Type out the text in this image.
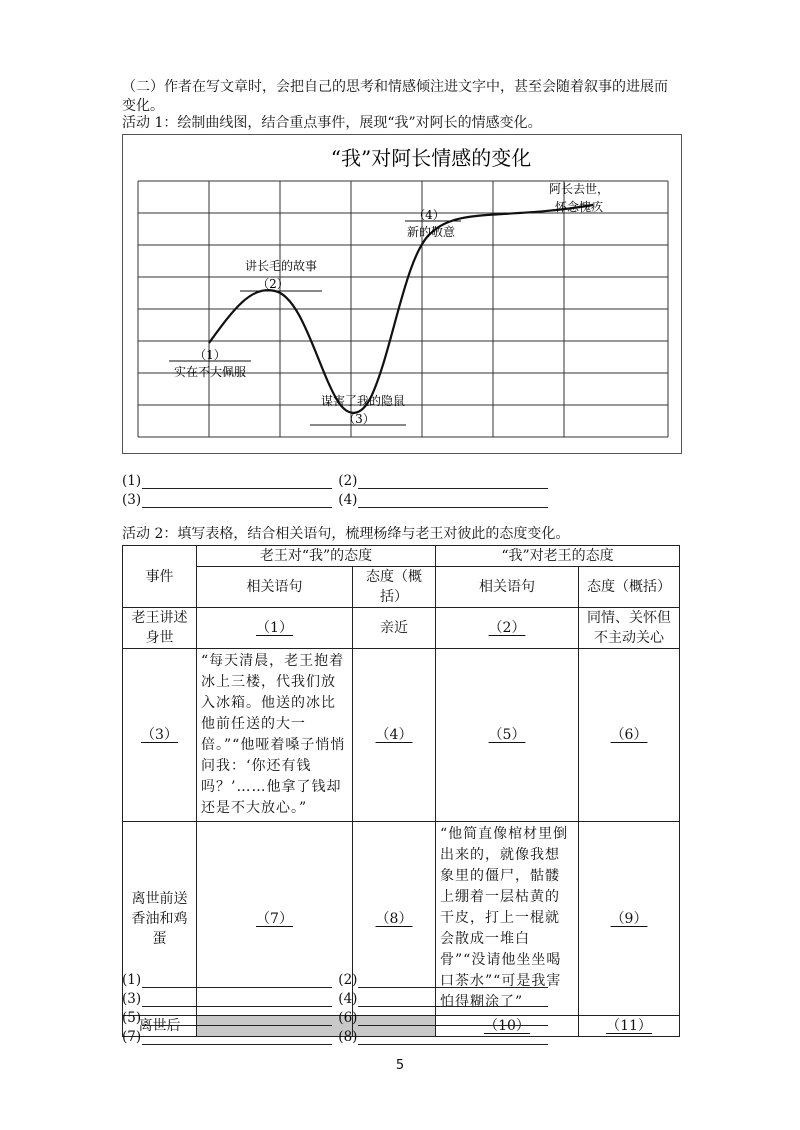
（二）作者在写文章时，会把自己的思考和情感倾注进文字中，甚至会随着叙事的进展而
变化。
活动 1：绘制曲线图，结合重点事件，展现“我”对阿长的情感变化。
“我”对阿长情感的变化
（1）
实在不大佩服
讲长毛的故事
（2）
谋害了我的隐鼠
（3）
（4）
新的敬意
阿长去世，
怀念愧疚
(1)	(2)
(3)	(4)
活动 2：填写表格，结合相关语句，梳理杨绛与老王对彼此的态度变化。
事件	老王对“我”的态度		“我”对老王的态度	
	相关语句	态度（概括）	相关语句	态度（概括）
老王讲述身世	（1）	亲近	（2）	同情、关怀但不主动关心
（3）	“每天清晨，老王抱着冰上三楼，代我们放入冰箱。他送的冰比他前任送的大一倍。”“他哑着嗓子悄悄问我：‘你还有钱吗？’……他拿了钱却还是不大放心。”	（4）	（5）	（6）
离世前送香油和鸡蛋	（7）	（8）	“他简直像棺材里倒出来的，就像我想象里的僵尸，骷髅上绷着一层枯黄的干皮，打上一棍就会散成一堆白骨”“没请他坐坐喝口茶水”“可是我害怕得糊涂了”	（9）
离世后			（10）	（11）
(1)	(2)
(3)	(4)
(5)	(6)
(7)	(8)
5
